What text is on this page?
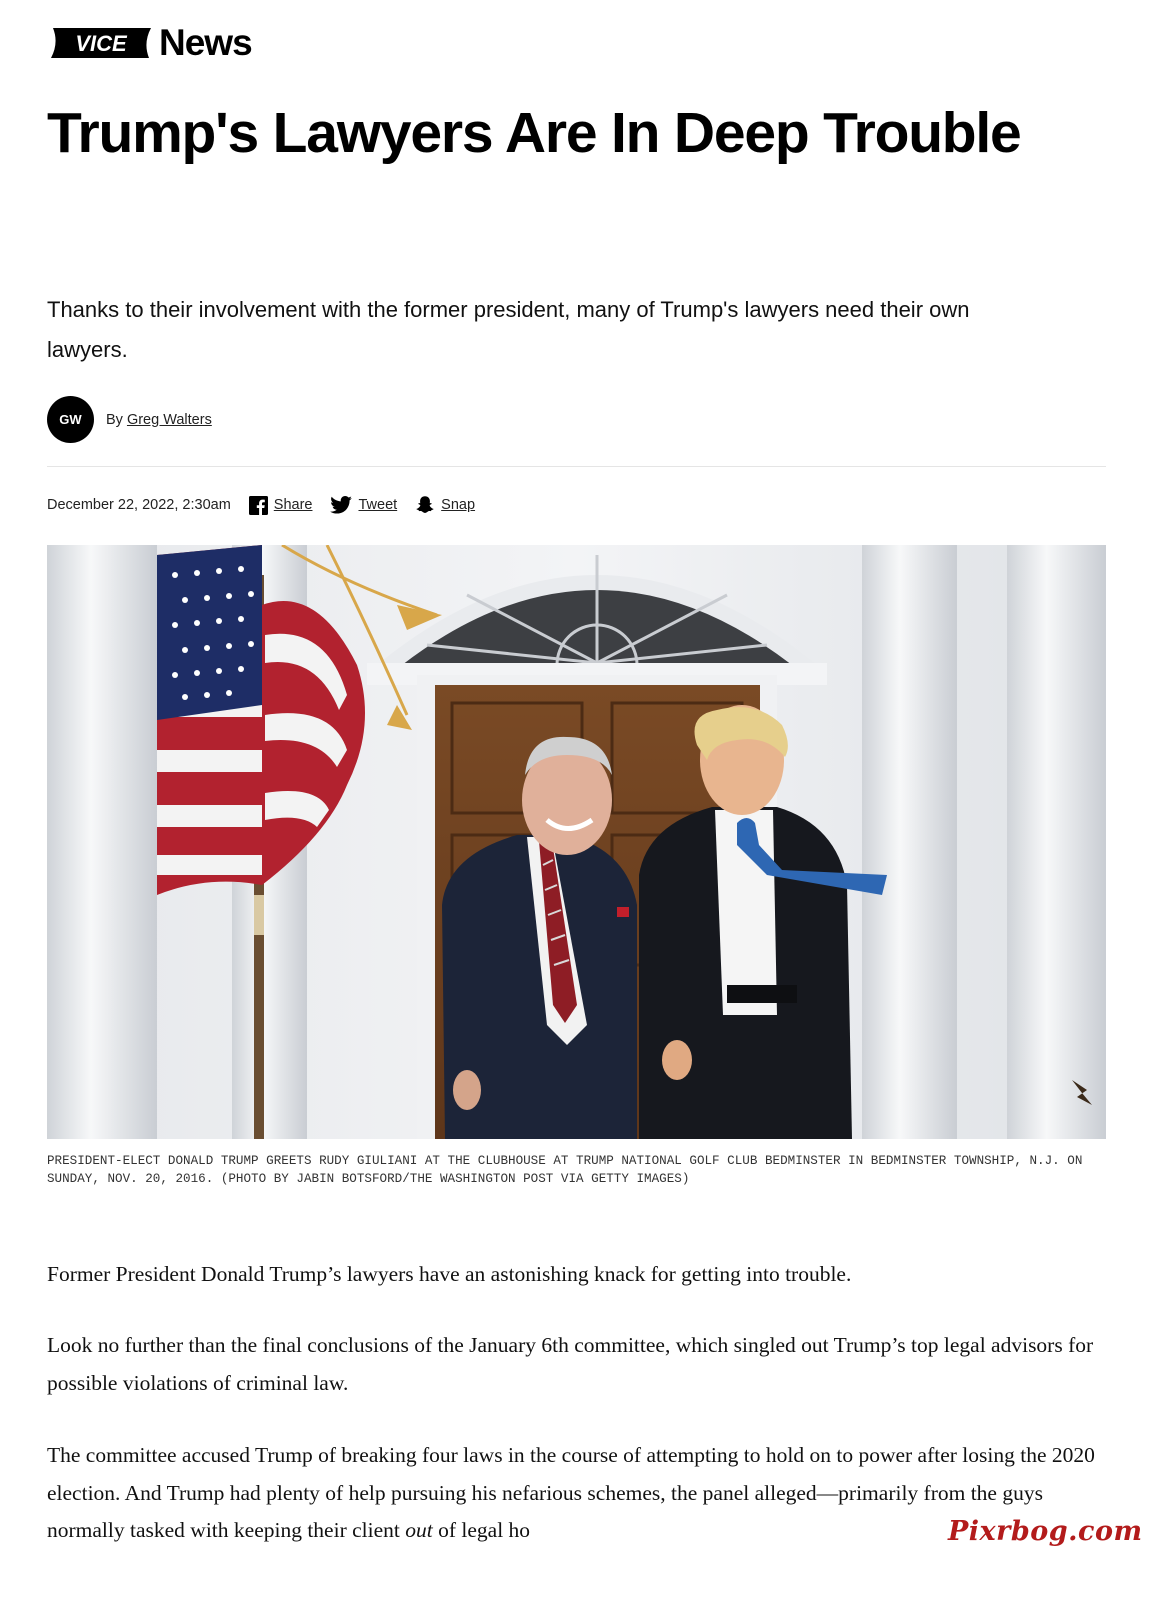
VICE News
Trump's Lawyers Are In Deep Trouble

Thanks to their involvement with the former president, many of Trump's lawyers need their own lawyers.

GW	By Greg Walters
December 22, 2022, 2:30am	Share	Tweet	Snap

PRESIDENT-ELECT DONALD TRUMP GREETS RUDY GIULIANI AT THE CLUBHOUSE AT TRUMP NATIONAL GOLF CLUB BEDMINSTER IN BEDMINSTER TOWNSHIP, N.J. ON SUNDAY, NOV. 20, 2016. (PHOTO BY JABIN BOTSFORD/THE WASHINGTON POST VIA GETTY IMAGES)

Former President Donald Trump’s lawyers have an astonishing knack for getting into trouble.

Look no further than the final conclusions of the January 6th committee, which singled out Trump’s top legal advisors for possible violations of criminal law.

The committee accused Trump of breaking four laws in the course of attempting to hold on to power after losing the 2020 election. And Trump had plenty of help pursuing his nefarious schemes, the panel alleged—primarily from the guys normally tasked with keeping their client out of legal ho	Pixrbog.com
